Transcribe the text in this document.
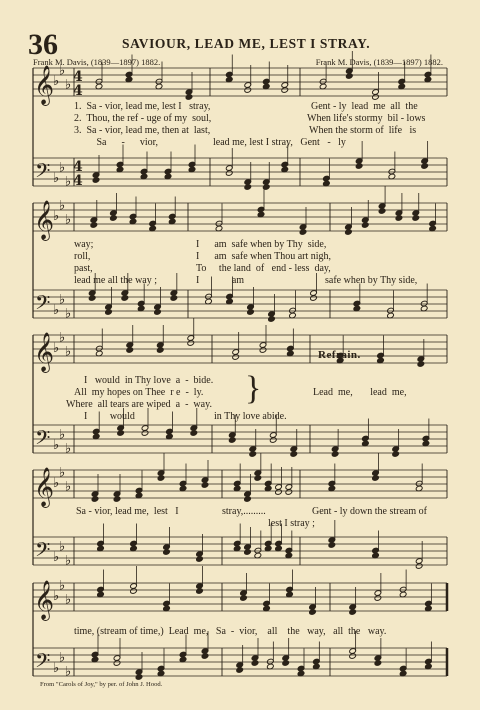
36	SAVIOUR, LEAD ME, LEST I STRAY.
Frank M. Davis, (1839—1897) 1882.	Frank M. Davis, (1839—1897) 1882.
𝄞
♭
♭
♭ 4
4
𝄢 ♭
♭
♭
4
4
𝄞
♭
♭
♭
𝄢 ♭
♭
♭
𝄞
♭
♭
♭
𝄢 ♭
♭
♭
𝄞
♭
♭
♭
𝄢 ♭
♭
♭
𝄞
♭
♭
♭
𝄢 ♭
♭
♭
1.  Sa - vior, lead me, lest I   stray,
2.  Thou, the ref - uge of my  soul,
3.  Sa - vior, lead me, then at  last,
Sa      -      vior,
Gent - ly  lead  me  all  the
When life's stormy  bil - lows
When the storm of  life   is
lead me, lest I stray,   Gent   -   ly
way;
roll,
past,
lead me all the way ;
I      am  safe when by Thy  side,
I      am  safe when Thou art nigh,
To     the land  of   end - less  day,
I             am	safe when by Thy side,
Refrain.
I   would  in Thy love  a  -  bide.
All  my hopes on Thee  r e  -  ly.
Where  all tears are wiped  a  -  way.
I         would	in Thy love abide.
Lead  me,       lead  me,
}
Sa - vior, lead me,  lest   I	stray,.........
lest I stray ;
Gent - ly down the stream of
time, (stream of time,)  Lead  me,   Sa  -  vior,    all    the   way,   all  the   way.
From "Carols of Joy," by per. of John J. Hood.
